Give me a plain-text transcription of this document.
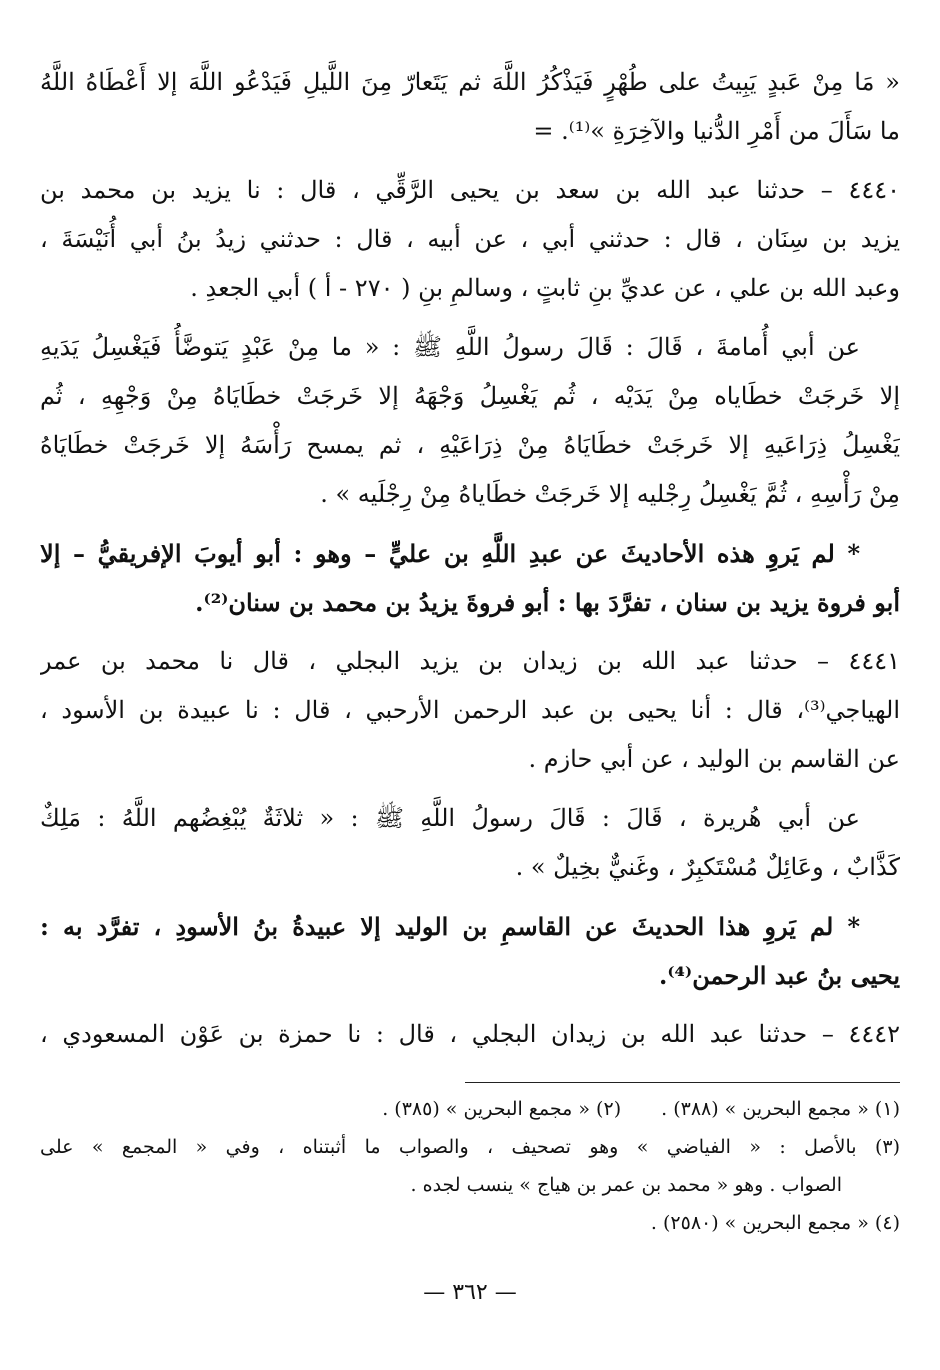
« مَا مِنْ عَبدٍ يَبِيتُ على طُهْرٍ فَيَذْكُرُ اللَّهَ ثم يَتَعارّ مِنَ اللَّيلِ فَيَدْعُو اللَّهَ إلا أَعْطَاهُ اللَّهُ
ما سَأَلَ من أَمْرِ الدُّنيا والآخِرَةِ »⁽¹⁾. =
٤٤٤٠ – حدثنا عبد الله بن سعد بن يحيى الرَّقِّي ، قال : نا يزيد بن محمد بن
يزيد بن سِنَان ، قال : حدثني أبي ، عن أبيه ، قال : حدثني زيدُ بنُ أبي أُنَيْسَةَ ،
وعبد الله بن علي ، عن عديِّ بنِ ثابتٍ ، وسالمِ بنِ ( ٢٧٠ - أ ) أبي الجعدِ .
عن أبي أُمامةَ ، قَالَ : قَالَ رسولُ اللَّهِ ﷺ : « ما مِنْ عَبْدٍ يَتوضَّأُ فَيَغْسِلُ يَدَيهِ
إلا خَرجَتْ خطَاياه مِنْ يَدَيْه ، ثُم يَغْسِلُ وَجْهَهُ إلا خَرجَتْ خطَايَاهُ مِنْ وَجْهِهِ ، ثُم
يَغْسِلُ ذِرَاعَيهِ إلا خَرجَتْ خطَايَاهُ مِنْ ذِرَاعَيْهِ ، ثم يمسح رَأْسَهُ إلا خَرجَتْ خطَايَاهُ
مِنْ رَأْسِهِ ، ثُمَّ يَغْسِلُ رِجْليه إلا خَرجَتْ خطَاياهُ مِنْ رِجْلَيه » .
* لم يَروِ هذه الأحاديثَ عن عبدِ اللَّهِ بن عليٍّ – وهو : أبو أيوبَ الإفريقيُّ – إلا
أبو فروة يزيد بن سنان ، تفرَّدَ بها : أبو فروةَ يزيدُ بن محمد بن سنان⁽²⁾.
٤٤٤١ – حدثنا عبد الله بن زيدان بن يزيد البجلي ، قال نا محمد بن عمر
الهياجي⁽³⁾، قال : أنا يحيى بن عبد الرحمن الأرحبي ، قال : نا عبيدة بن الأسود ،
عن القاسم بن الوليد ، عن أبي حازم .
عن أبي هُريرة ، قَالَ : قَالَ رسولُ اللَّهِ ﷺ : « ثلاثَةٌ يُبْغِضُهم اللَّهُ : مَلِكٌ
كَذَّابٌ ، وعَائِلٌ مُسْتَكبِرٌ ، وغَنيٌّ بخِيلٌ » .
* لم يَروِ هذا الحديثَ عن القاسمِ بن الوليد إلا عبيدةُ بنُ الأسودِ ، تفرَّد به :
يحيى بنُ عبد الرحمن⁽⁴⁾.
٤٤٤٢ – حدثنا عبد الله بن زيدان البجلي ، قال : نا حمزة بن عَوْن المسعودي ،
(١) « مجمع البحرين » (٣٨٨) .
(٢) « مجمع البحرين » (٣٨٥) .
(٣) بالأصل : « الفياضي » وهو تصحيف ، والصواب ما أثبتناه ، وفي « المجمع » على
الصواب . وهو « محمد بن عمر بن هياج » ينسب لجده .
(٤) « مجمع البحرين » (٢٥٨٠) .
— ٣٦٢ —
